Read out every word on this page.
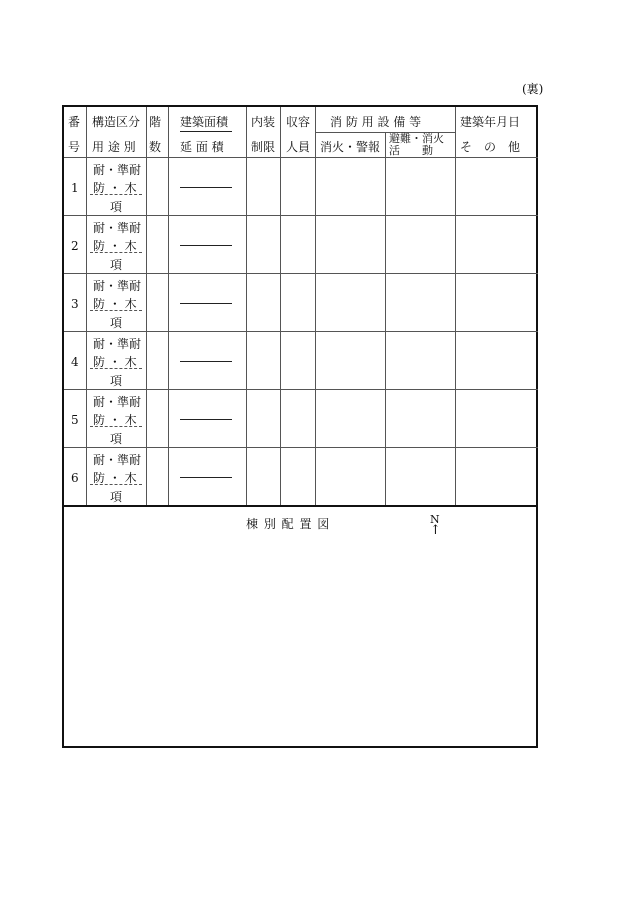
(裏)
番
号
構造区分
用 途 別
階
数
建築面積
延 面 積
内装
制限
収容
人員
消 防 用 設 備 等
消火・警報
避難・消火
活　　動
建築年月日
そ　の　他
1
耐・準耐
防 ・ 木
項
2
耐・準耐
防 ・ 木
項
3
耐・準耐
防 ・ 木
項
4
耐・準耐
防 ・ 木
項
5
耐・準耐
防 ・ 木
項
6
耐・準耐
防 ・ 木
項
棟 別 配 置 図	N
↑
